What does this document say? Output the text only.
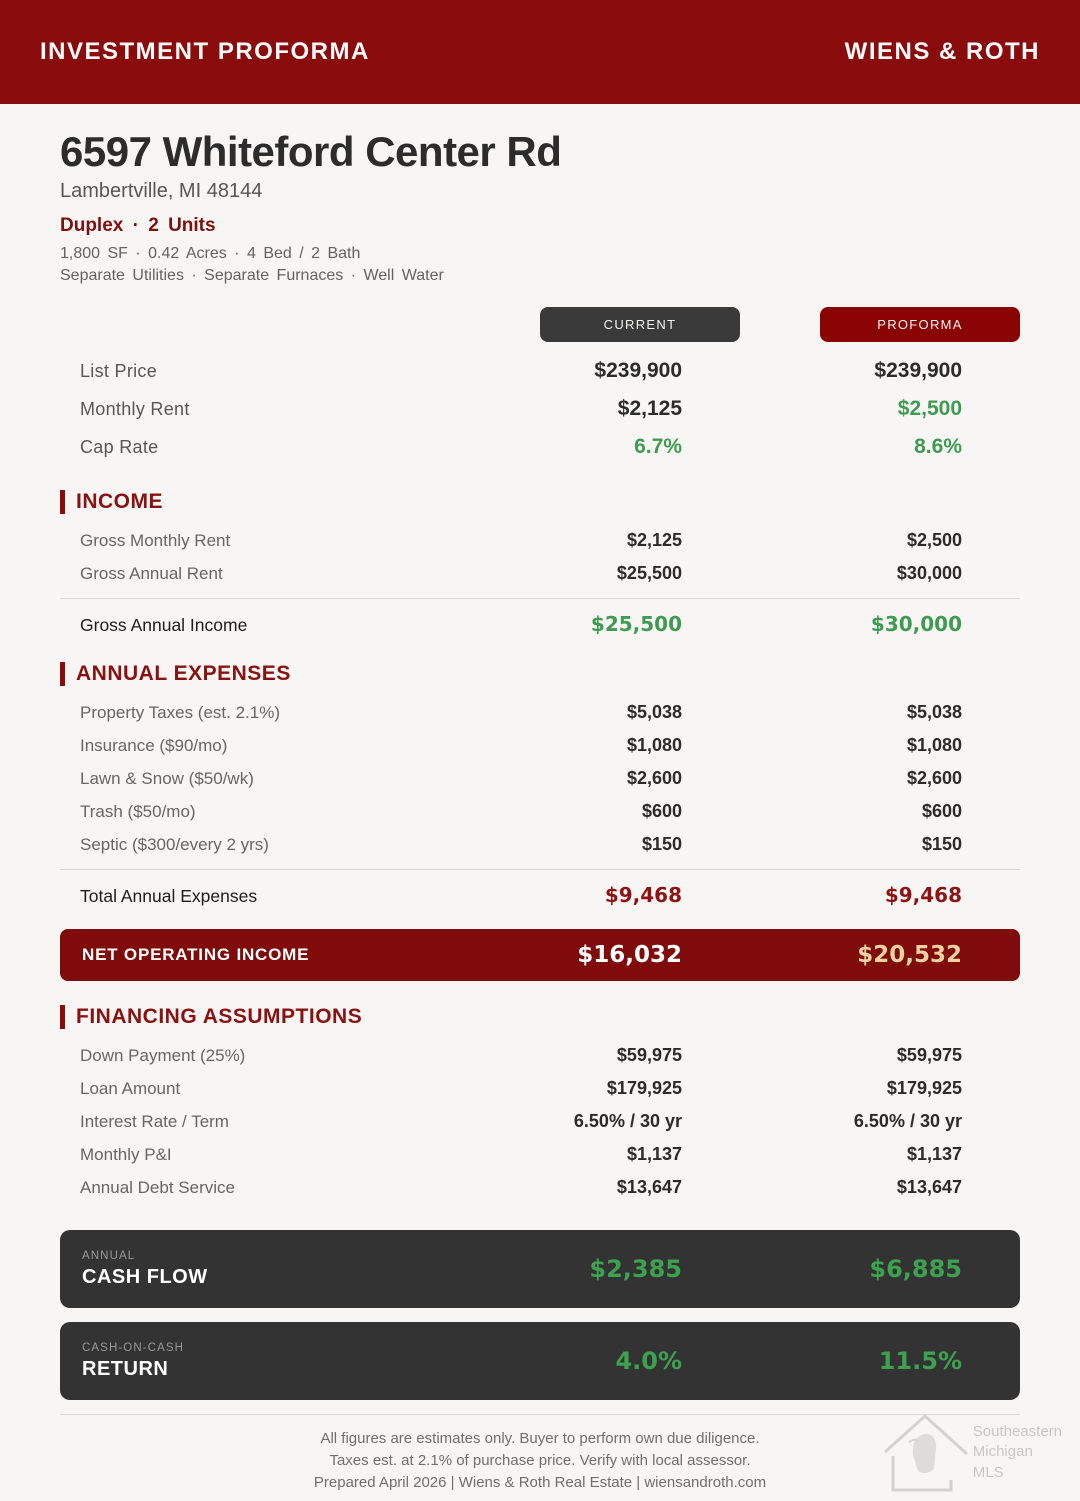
INVESTMENT PROFORMA	WIENS & ROTH
6597 Whiteford Center Rd
Lambertville, MI 48144
Duplex · 2 Units
1,800 SF · 0.42 Acres · 4 Bed / 2 Bath
Separate Utilities · Separate Furnaces · Well Water
CURRENT	PROFORMA
List Price	$239,900	$239,900
Monthly Rent	$2,125	$2,500
Cap Rate	6.7%	8.6%
INCOME
Gross Monthly Rent	$2,125	$2,500
Gross Annual Rent	$25,500	$30,000
Gross Annual Income	$25,500	$30,000
ANNUAL EXPENSES
Property Taxes (est. 2.1%)	$5,038	$5,038
Insurance ($90/mo)	$1,080	$1,080
Lawn & Snow ($50/wk)	$2,600	$2,600
Trash ($50/mo)	$600	$600
Septic ($300/every 2 yrs)	$150	$150
Total Annual Expenses	$9,468	$9,468
NET OPERATING INCOME	$16,032	$20,532
FINANCING ASSUMPTIONS
Down Payment (25%)	$59,975	$59,975
Loan Amount	$179,925	$179,925
Interest Rate / Term	6.50% / 30 yr	6.50% / 30 yr
Monthly P&I	$1,137	$1,137
Annual Debt Service	$13,647	$13,647
ANNUAL
CASH FLOW	$2,385	$6,885
CASH-ON-CASH
RETURN	4.0%	11.5%
All figures are estimates only. Buyer to perform own due diligence.
Taxes est. at 2.1% of purchase price. Verify with local assessor.
Prepared April 2026 | Wiens & Roth Real Estate | wiensandroth.com
Southeastern
Michigan
MLS
